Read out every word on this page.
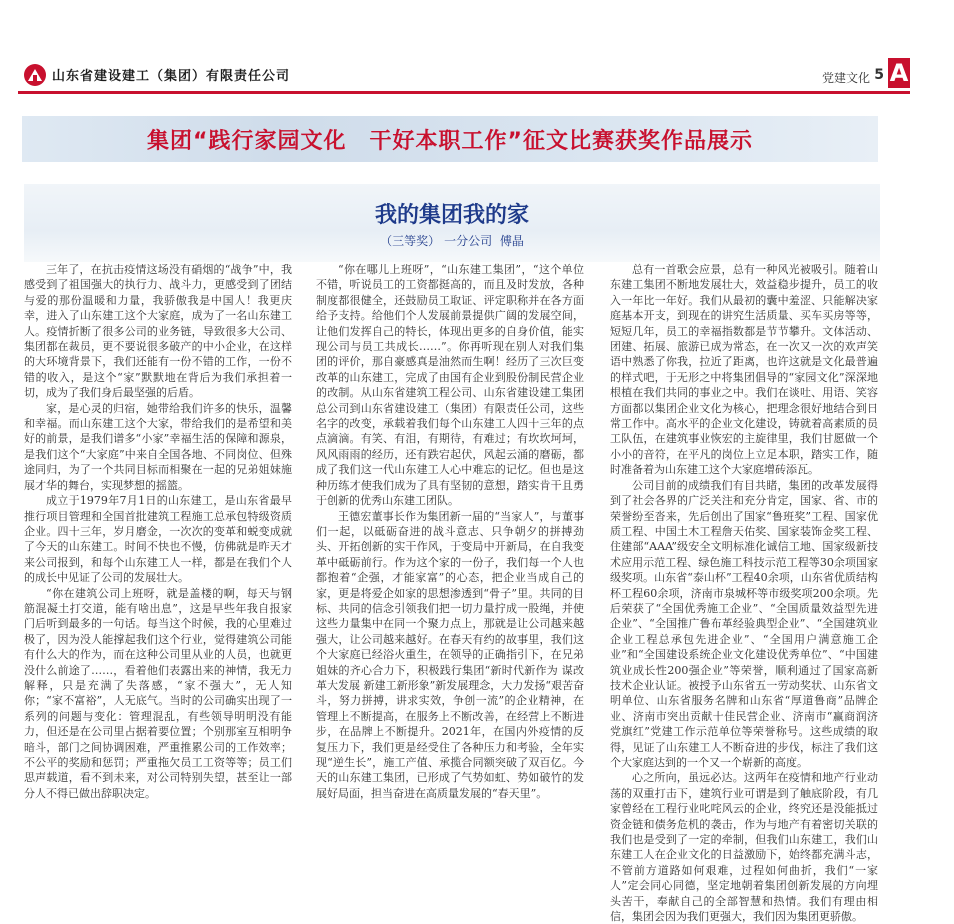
山东省建设建工（集团）有限责任公司	党建文化 5 A
集团“践行家园文化　干好本职工作”征文比赛获奖作品展示
我的集团我的家
（三等奖） 一分公司 傅晶

三年了，在抗击疫情这场没有硝烟的“战争”中，我感受到了祖国强大的执行力、战斗力，更感受到了团结与爱的那份温暖和力量，我骄傲我是中国人！我更庆幸，进入了山东建工这个大家庭，成为了一名山东建工人。疫情折断了很多公司的业务链，导致很多大公司、集团都在裁员，更不要说很多破产的中小企业，在这样的大环境背景下，我们还能有一份不错的工作，一份不错的收入，是这个“家”默默地在背后为我们承担着一切，成为了我们身后最坚强的后盾。

家，是心灵的归宿，她带给我们许多的快乐，温馨和幸福。而山东建工这个大家，带给我们的是希望和美好的前景，是我们谱多“小家”幸福生活的保障和源泉，是我们这个“大家庭”中来自全国各地、不同岗位、但殊途同归，为了一个共同目标而相聚在一起的兄弟姐妹施展才华的舞台，实现梦想的摇篮。

成立于1979年7月1日的山东建工，是山东省最早推行项目管理和全国首批建筑工程施工总承包特级资质企业。四十三年，岁月磨金，一次次的变革和蜕变成就了今天的山东建工。时间不快也不慢，仿佛就是昨天才来公司报到，和每个山东建工人一样，都是在我们个人的成长中见证了公司的发展壮大。

“你在建筑公司上班呀，就是盖楼的啊，每天与钢筋混凝土打交道，能有啥出息”，这是早些年我自报家门后听到最多的一句话。每当这个时候，我的心里难过极了，因为没人能撑起我们这个行业，觉得建筑公司能有什么大的作为，而在这种公司里从业的人员，也就更没什么前途了……，看着他们表露出来的神情，我无力解释，只是充满了失落感，“家不强大”，无人知你；“家不富裕”，人无底气。当时的公司确实出现了一系列的问题与变化：管理混乱，有些领导明明没有能力，但还是在公司里占据着要位置；个别那室互相明争暗斗，部门之间协调困难，严重推累公司的工作效率；不公平的奖励和惩罚；严重拖欠员工工资等等；员工们思声载道，看不到未来，对公司特别失望，甚至让一部分人不得已做出辞职决定。

“你在哪儿上班呀”，“山东建工集团”，“这个单位不错，听说员工的工资都挺高的，而且及时发放，各种制度都很健全，还鼓励员工取证、评定职称并在各方面给予支持。给他们个人发展前景提供广阔的发展空间，让他们发挥自己的特长，体现出更多的自身价值，能实现公司与员工共成长……”。你再听现在别人对我们集团的评价，那自豪感真是油然而生啊！经历了三次巨变改革的山东建工，完成了由国有企业到股份制民营企业的改制。从山东省建筑工程公司、山东省建设建工集团总公司到山东省建设建工（集团）有限责任公司，这些名字的改变，承载着我们每个山东建工人四十三年的点点滴滴。有笑、有泪，有期待，有难过；有坎坎坷坷，风风雨雨的经历，还有跌宕起伏，风起云涌的磨砺，都成了我们这一代山东建工人心中难忘的记忆。但也是这种历练才使我们成为了具有坚韧的意想，踏实肯干且勇于创新的优秀山东建工团队。

王德宏董事长作为集团新一届的“当家人”，与董事们一起，以砥砺奋进的战斗意志、只争朝夕的拼搏劲头、开拓创新的实干作风，于变局中开新局，在自我变革中砥砺前行。作为这个家的一份子，我们每一个人也都抱着“企强，才能家富”的心态，把企业当成自己的家，更是将爱企如家的思想渗透到“骨子”里。共同的目标、共同的信念引领我们把一切力量拧成一股绳，并使这些力量集中在同一个聚力点上，那就是让公司越来越强大，让公司越来越好。在春天有约的故事里，我们这个大家庭已经浴火重生，在领导的正确指引下，在兄弟姐妹的齐心合力下，积极践行集团“新时代新作为 谋改革大发展 新建工新形象”新发展理念，大力发扬“艰苦奋斗，努力拼搏，讲求实效，争创一流”的企业精神，在管理上不断提高，在服务上不断改善，在经营上不断进步，在品牌上不断提升。2021年，在国内外疫情的反复压力下，我们更是经受住了各种压力和考验，全年实现“逆生长”，施工产值、承揽合同额突破了双百亿。今天的山东建工集团，已形成了气势如虹、势如破竹的发展好局面，担当奋进在高质量发展的“春天里”。

总有一首歌会应景，总有一种风光被吸引。随着山东建工集团不断地发展壮大，效益稳步提升，员工的收入一年比一年好。我们从最初的囊中羞涩、只能解决家庭基本开支，到现在的讲究生活质量、买车买房等等，短短几年，员工的幸福指数都是节节攀升。文体活动、团建、拓展、旅游已成为常态，在一次又一次的欢声笑语中熟悉了你我，拉近了距离，也许这就是文化最普遍的样式吧，于无形之中将集团倡导的“家园文化”深深地根植在我们共同的事业之中。我们在谈吐、用语、笑容方面都以集团企业文化为核心，把理念很好地结合到日常工作中。高水平的企业文化建设，铸就着高素质的员工队伍，在建筑事业恢宏的主旋律里，我们甘愿做一个小小的音符，在平凡的岗位上立足本职，踏实工作，随时准备着为山东建工这个大家庭增砖添瓦。

公司目前的成绩我们有目共睹，集团的改革发展得到了社会各界的广泛关注和充分肯定，国家、省、市的荣誉纷至沓来，先后创出了国家“鲁班奖”工程、国家优质工程、中国土木工程詹天佑奖、国家装饰金奖工程、住建部“AAA”级安全文明标准化诚信工地、国家级新技术应用示范工程、绿色施工科技示范工程等30余项国家级奖项。山东省“泰山杯”工程40余项，山东省优质结构杯工程60余项，济南市泉城杯等市级奖项200余项。先后荣获了“全国优秀施工企业”、“全国质量效益型先进企业”、“全国推广鲁布革经验典型企业”、“全国建筑业企业工程总承包先进企业”、“全国用户满意施工企业”和“全国建设系统企业文化建设优秀单位”、“中国建筑业成长性200强企业”等荣誉，顺利通过了国家高新技术企业认证。被授予山东省五一劳动奖状、山东省文明单位、山东省服务名牌和山东省“厚道鲁商”品牌企业、济南市突出贡献十佳民营企业、济南市“赢商润济党旗红”党建工作示范单位等荣誉称号。这些成绩的取得，见证了山东建工人不断奋进的步伐，标注了我们这个大家庭达到的一个又一个崭新的高度。

心之所向，虽远必达。这两年在疫情和地产行业动荡的双重打击下，建筑行业可谓是到了触底阶段，有几家曾经在工程行业叱咤风云的企业，终究还是没能抵过资金链和债务危机的袭击，作为与地产有着密切关联的我们也是受到了一定的牵制，但我们山东建工，我们山东建工人在企业文化的日益激励下，始终都充满斗志，不管前方道路如何艰难，过程如何曲折，我们“一家人”定会同心同德，坚定地朝着集团创新发展的方向埋头苦干，奉献自己的全部智慧和热情。我们有理由相信，集团会因为我们更强大，我们因为集团更骄傲。
